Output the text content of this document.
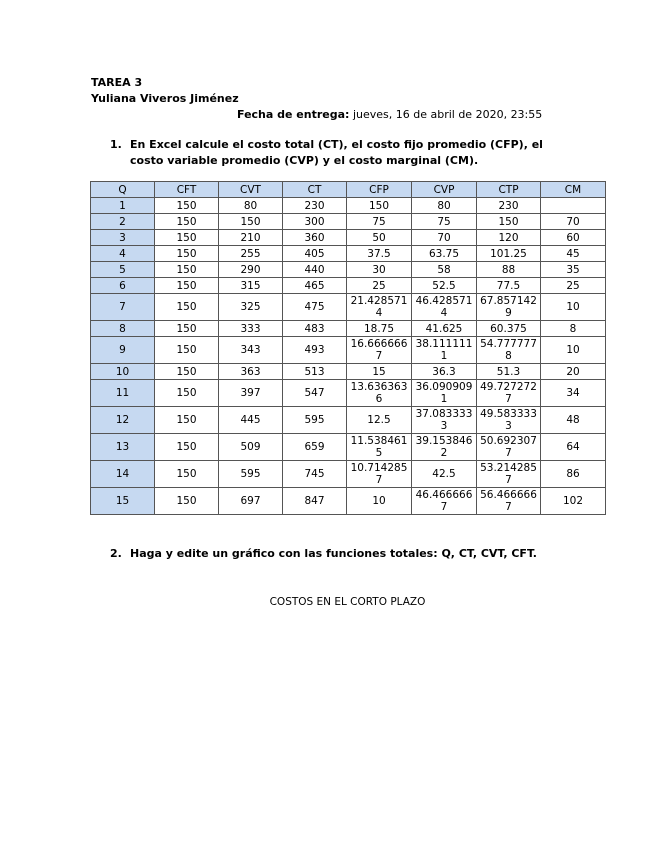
TAREA 3
Yuliana Viveros Jiménez
Fecha de entrega: jueves, 16 de abril de 2020, 23:55
1. En Excel calcule el costo total (CT), el costo fijo promedio (CFP), el costo variable promedio (CVP) y el costo marginal (CM).
Q	CFT	CVT	CT	CFP	CVP	CTP	CM
1	150	80	230	150	80	230	
2	150	150	300	75	75	150	70
3	150	210	360	50	70	120	60
4	150	255	405	37.5	63.75	101.25	45
5	150	290	440	30	58	88	35
6	150	315	465	25	52.5	77.5	25
7	150	325	475	21.4285714	46.4285714	67.8571429	10
8	150	333	483	18.75	41.625	60.375	8
9	150	343	493	16.6666667	38.1111111	54.7777778	10
10	150	363	513	15	36.3	51.3	20
11	150	397	547	13.6363636	36.0909091	49.7272727	34
12	150	445	595	12.5	37.0833333	49.5833333	48
13	150	509	659	11.5384615	39.1538462	50.6923077	64
14	150	595	745	10.7142857	42.5	53.2142857	86
15	150	697	847	10	46.4666667	56.4666667	102
2. Haga y edite un gráfico con las funciones totales: Q, CT, CVT, CFT.
COSTOS EN EL CORTO PLAZO
